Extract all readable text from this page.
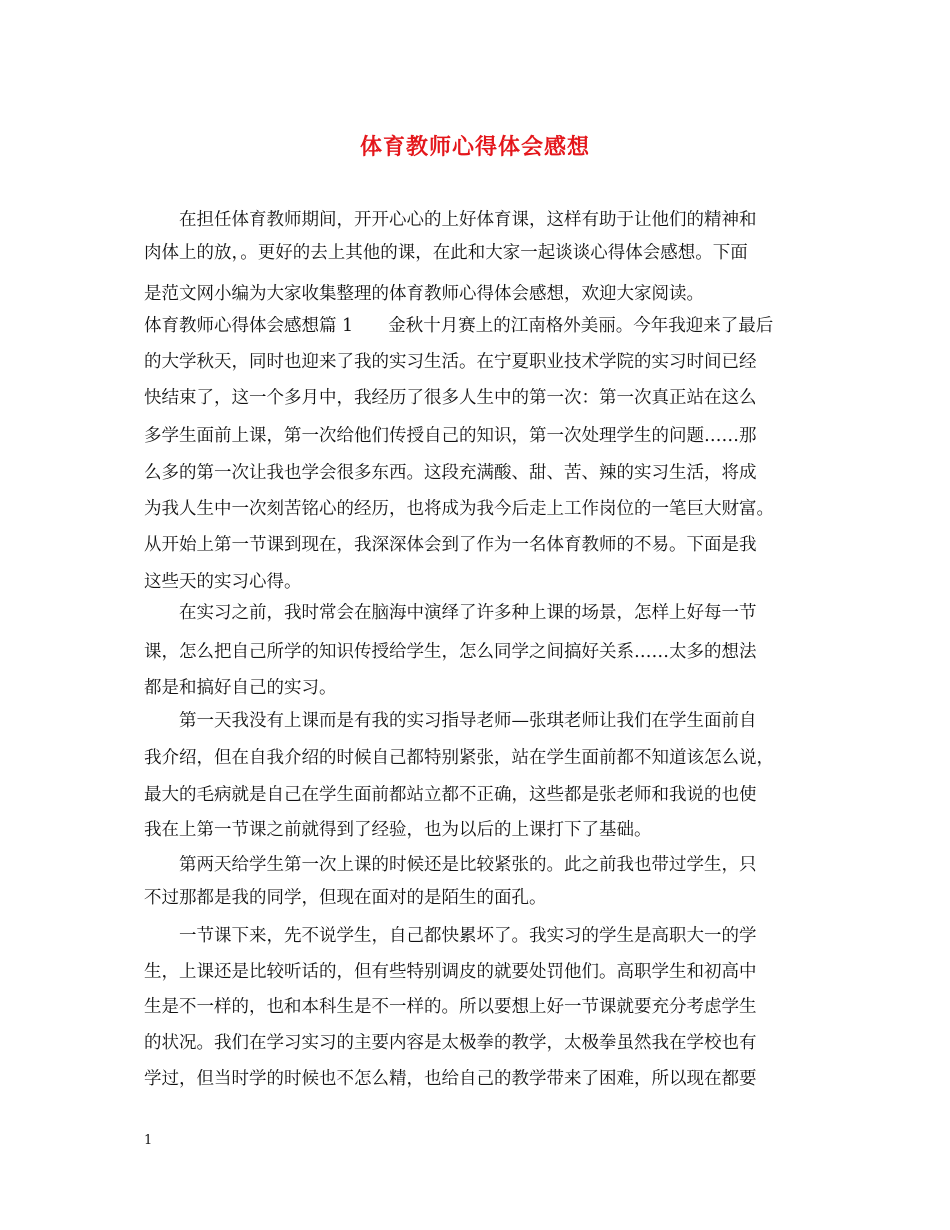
体育教师心得体会感想
在担任体育教师期间，开开心心的上好体育课，这样有助于让他们的精神和
肉体上的放，。更好的去上其他的课，在此和大家一起谈谈心得体会感想。下面
是范文网小编为大家收集整理的体育教师心得体会感想，欢迎大家阅读。
体育教师心得体会感想篇 1　　金秋十月赛上的江南格外美丽。今年我迎来了最后
的大学秋天，同时也迎来了我的实习生活。在宁夏职业技术学院的实习时间已经
快结束了，这一个多月中，我经历了很多人生中的第一次：第一次真正站在这么
多学生面前上课，第一次给他们传授自己的知识，第一次处理学生的问题……那
么多的第一次让我也学会很多东西。这段充满酸、甜、苦、辣的实习生活，将成
为我人生中一次刻苦铭心的经历，也将成为我今后走上工作岗位的一笔巨大财富。
从开始上第一节课到现在，我深深体会到了作为一名体育教师的不易。下面是我
这些天的实习心得。
在实习之前，我时常会在脑海中演绎了许多种上课的场景，怎样上好每一节
课，怎么把自己所学的知识传授给学生，怎么同学之间搞好关系……太多的想法
都是和搞好自己的实习。
第一天我没有上课而是有我的实习指导老师—张琪老师让我们在学生面前自
我介绍，但在自我介绍的时候自己都特别紧张，站在学生面前都不知道该怎么说，
最大的毛病就是自己在学生面前都站立都不正确，这些都是张老师和我说的也使
我在上第一节课之前就得到了经验，也为以后的上课打下了基础。
第两天给学生第一次上课的时候还是比较紧张的。此之前我也带过学生，只
不过那都是我的同学，但现在面对的是陌生的面孔。
一节课下来，先不说学生，自己都快累坏了。我实习的学生是高职大一的学
生，上课还是比较听话的，但有些特别调皮的就要处罚他们。高职学生和初高中
生是不一样的，也和本科生是不一样的。所以要想上好一节课就要充分考虑学生
的状况。我们在学习实习的主要内容是太极拳的教学，太极拳虽然我在学校也有
学过，但当时学的时候也不怎么精，也给自己的教学带来了困难，所以现在都要
1
